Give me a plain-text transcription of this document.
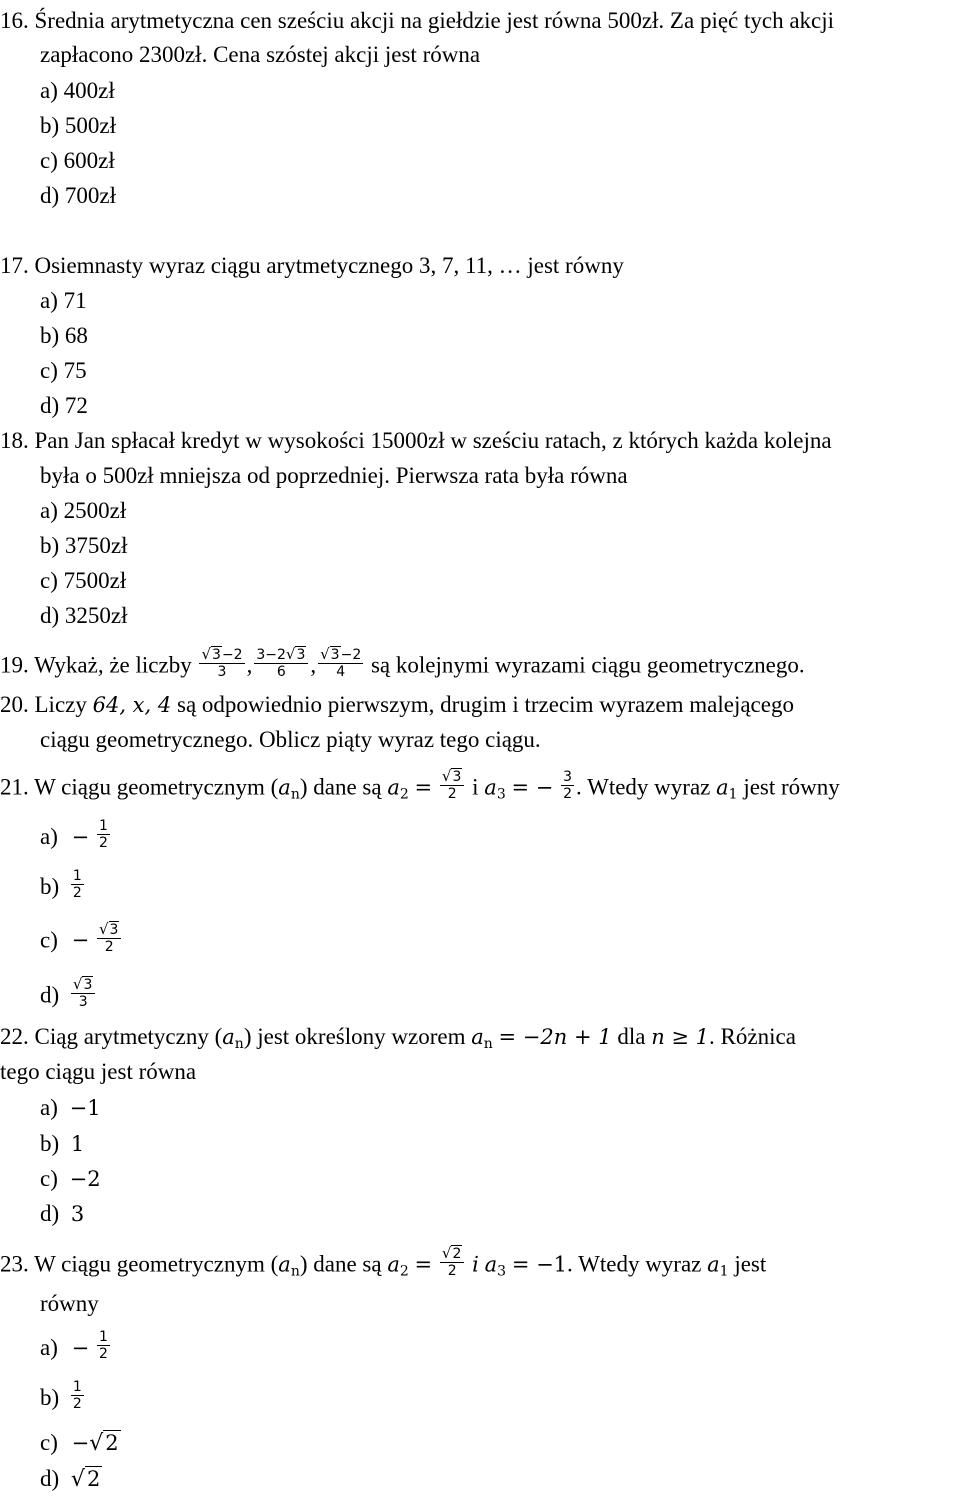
16. Średnia arytmetyczna cen sześciu akcji na giełdzie jest równa 500zł. Za pięć tych akcji
zapłacono 2300zł. Cena szóstej akcji jest równa
a) 400zł
b) 500zł
c) 600zł
d) 700zł
17. Osiemnasty wyraz ciągu arytmetycznego 3, 7, 11, … jest równy
a) 71
b) 68
c) 75
d) 72
18. Pan Jan spłacał kredyt w wysokości 15000zł w sześciu ratach, z których każda kolejna
była o 500zł mniejsza od poprzedniej. Pierwsza rata była równa
a) 2500zł
b) 3750zł
c) 7500zł
d) 3250zł
19. Wykaż, że liczby $\frac{√3-2}{3}$ , $\frac{3-2√3}{6}$ , $\frac{√3-2}{4}$ są kolejnymi wyrazami ciągu geometrycznego.
20. Liczy 64, x, 4 są odpowiednio pierwszym, drugim i trzecim wyrazem malejącego
ciągu geometrycznego. Oblicz piąty wyraz tego ciągu.
21. W ciągu geometrycznym $(a_n)$ dane są $a_2 = \frac{√3}{2}$ i $a_3$ = − $\frac{3}{2}$ . Wtedy wyraz $a_1$ jest równy
$a) - \frac{1}{2}$
$b) \frac{1}{2}$
$c) - \frac{√3}{2}$
$d) \frac{√3}{3}$
22. Ciąg arytmetyczny $(a_n)$ jest określony wzorem $a_n = -2n + 1$ dla n ≥ 1. Różnica
tego ciągu jest równa
a) −1
b) 1
c) −2
d) 3
23. W ciągu geometrycznym $(a_n)$ dane są $a_2 = \frac{√2}{2}$ i $a_3 = -1$. Wtedy wyraz $a_1$ jest
równy
$a) - \frac{1}{2}$
$b) \frac{1}{2}$
c) −√2
d) √2
